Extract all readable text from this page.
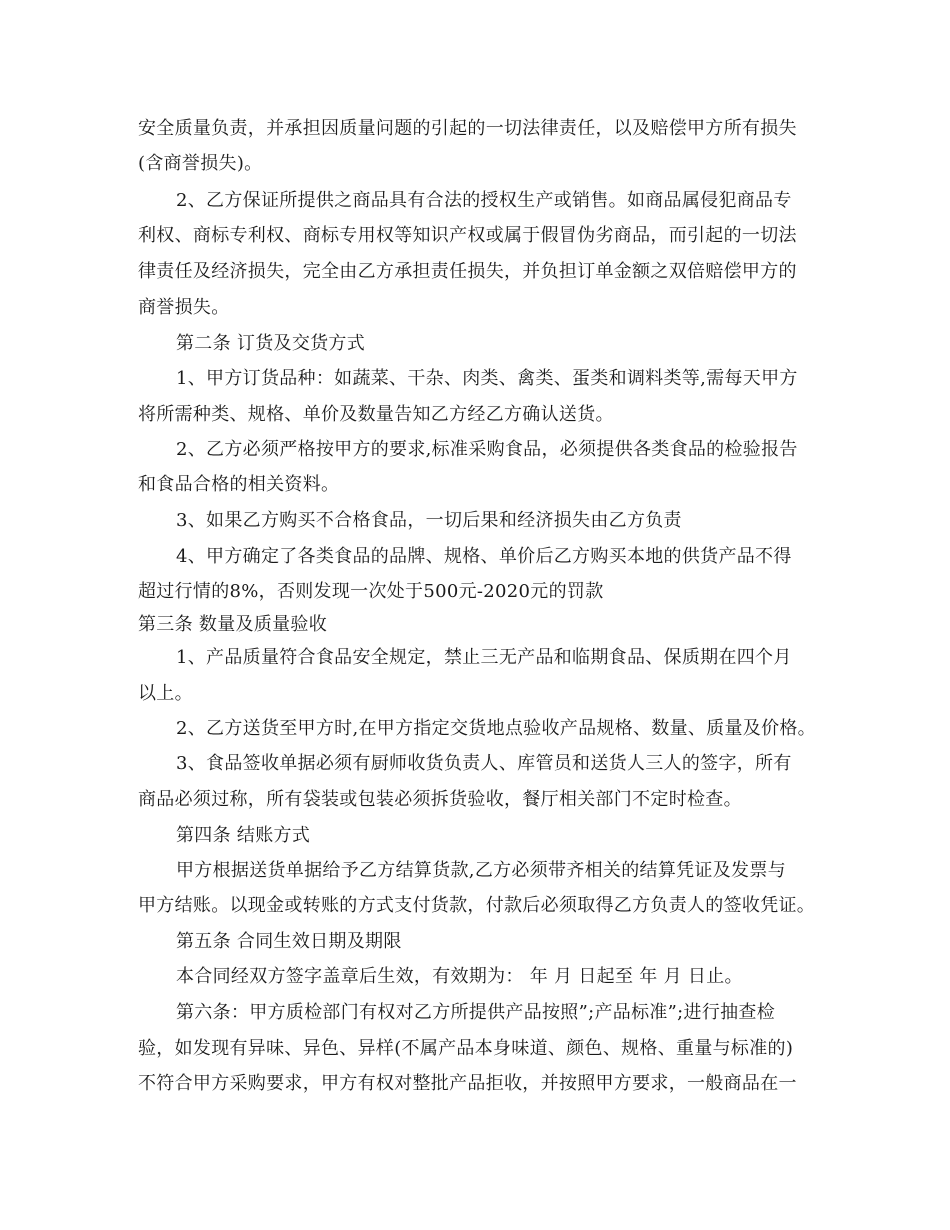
安全质量负责，并承担因质量问题的引起的一切法律责任，以及赔偿甲方所有损失
(含商誉损失)。
2、乙方保证所提供之商品具有合法的授权生产或销售。如商品属侵犯商品专
利权、商标专利权、商标专用权等知识产权或属于假冒伪劣商品，而引起的一切法
律责任及经济损失，完全由乙方承担责任损失，并负担订单金额之双倍赔偿甲方的
商誉损失。
第二条 订货及交货方式
1、甲方订货品种：如蔬菜、干杂、肉类、禽类、蛋类和调料类等,需每天甲方
将所需种类、规格、单价及数量告知乙方经乙方确认送货。
2、乙方必须严格按甲方的要求,标准采购食品，必须提供各类食品的检验报告
和食品合格的相关资料。
3、如果乙方购买不合格食品，一切后果和经济损失由乙方负责
4、甲方确定了各类食品的品牌、规格、单价后乙方购买本地的供货产品不得
超过行情的8%，否则发现一次处于500元-2020元的罚款
第三条 数量及质量验收
1、产品质量符合食品安全规定，禁止三无产品和临期食品、保质期在四个月
以上。
2、乙方送货至甲方时,在甲方指定交货地点验收产品规格、数量、质量及价格。
3、食品签收单据必须有厨师收货负责人、库管员和送货人三人的签字，所有
商品必须过称，所有袋装或包装必须拆货验收，餐厅相关部门不定时检查。
第四条 结账方式
甲方根据送货单据给予乙方结算货款,乙方必须带齐相关的结算凭证及发票与
甲方结账。以现金或转账的方式支付货款，付款后必须取得乙方负责人的签收凭证。
第五条 合同生效日期及期限
本合同经双方签字盖章后生效，有效期为： 年 月 日起至 年 月 日止。
第六条：甲方质检部门有权对乙方所提供产品按照”;产品标准”;进行抽查检
验，如发现有异味、异色、异样(不属产品本身味道、颜色、规格、重量与标准的)
不符合甲方采购要求，甲方有权对整批产品拒收，并按照甲方要求，一般商品在一
